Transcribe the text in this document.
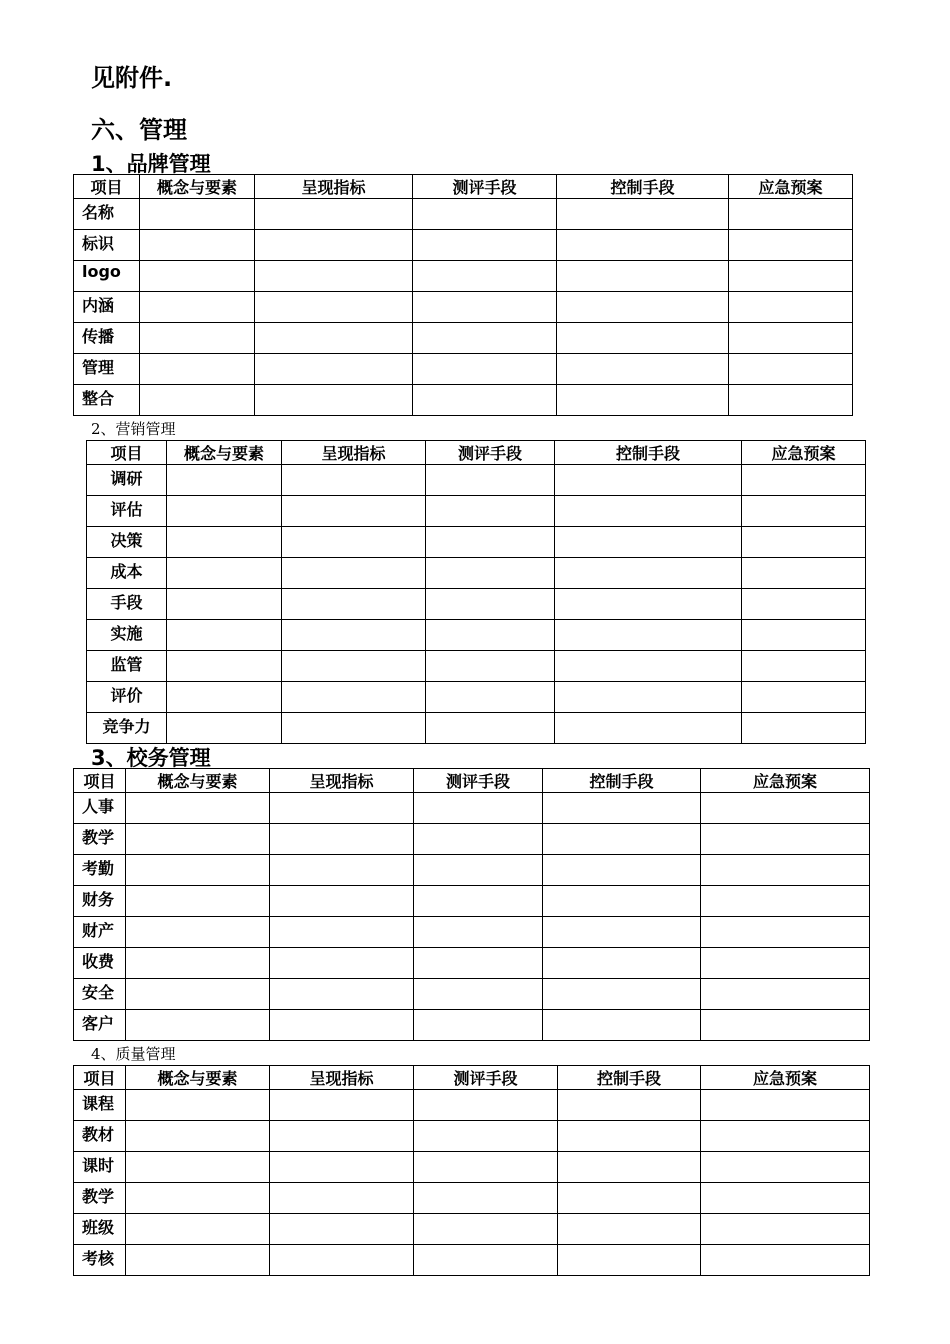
见附件.

六、管理

1、品牌管理

项目	概念与要素	呈现指标	测评手段	控制手段	应急预案
名称					
标识					
logo					
内涵					
传播					
管理					
整合					

2、营销管理

项目	概念与要素	呈现指标	测评手段	控制手段	应急预案
调研					
评估					
决策					
成本					
手段					
实施					
监管					
评价					
竞争力					

3、校务管理

项目	概念与要素	呈现指标	测评手段	控制手段	应急预案
人事					
教学					
考勤					
财务					
财产					
收费					
安全					
客户					

4、质量管理

项目	概念与要素	呈现指标	测评手段	控制手段	应急预案
课程					
教材					
课时					
教学					
班级					
考核					
